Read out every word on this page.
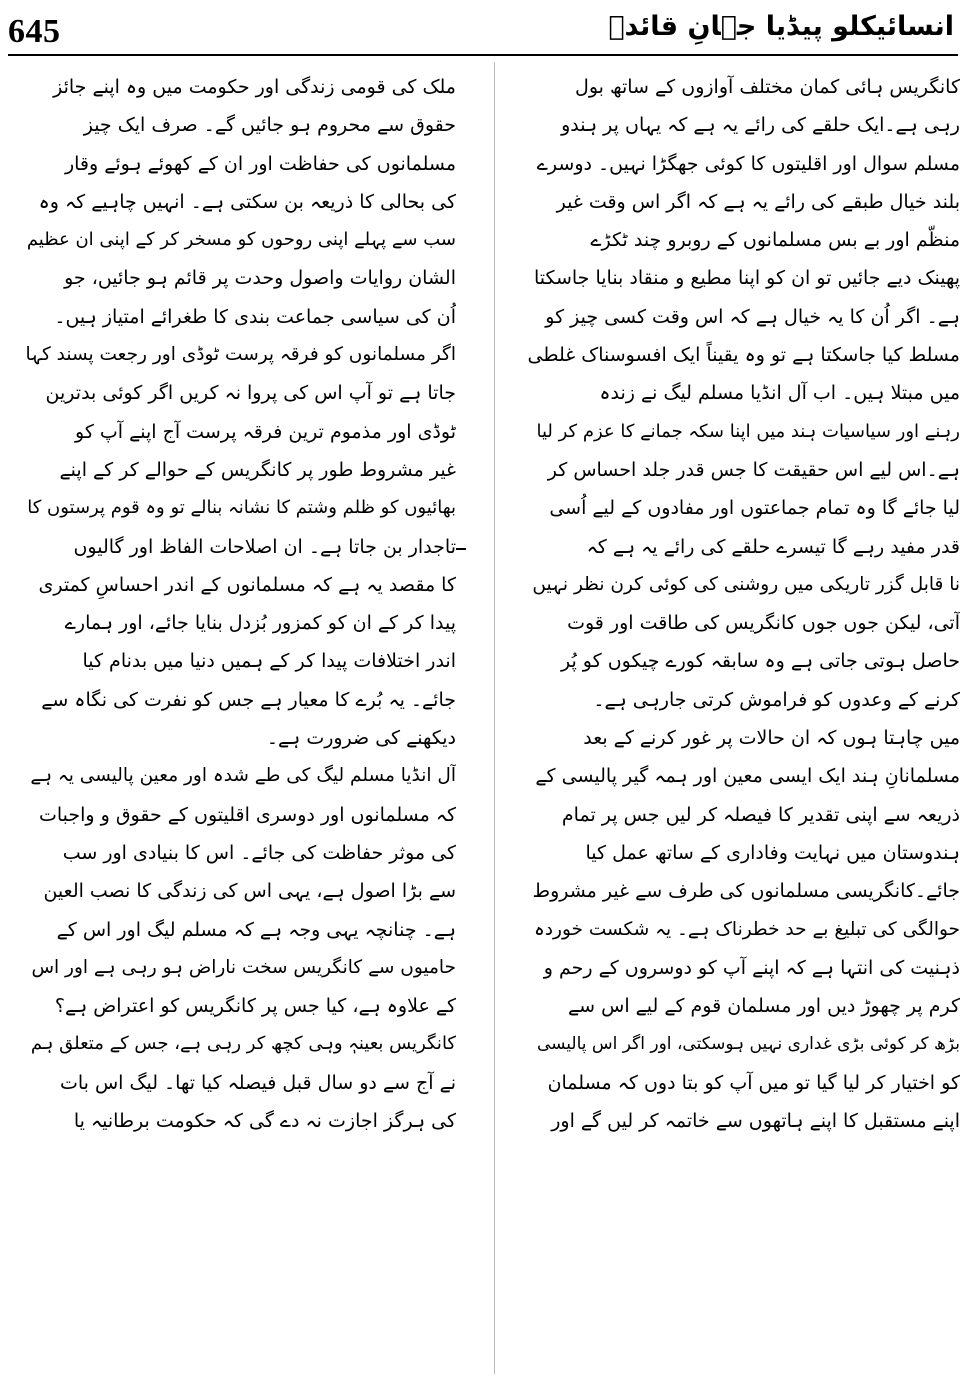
645	انسائیکلو پیڈیا جہانِ قائدؒ
کانگریس ہائی کمان مختلف آوازوں کے ساتھ بول
رہی ہے۔ایک حلقے کی رائے یہ ہے کہ یہاں پر ہندو
مسلم سوال اور اقلیتوں کا کوئی جھگڑا نہیں۔ دوسرے
بلند خیال طبقے کی رائے یہ ہے کہ اگر اس وقت غیر
منظّم اور بے بس مسلمانوں کے روبرو چند ٹکڑے
پھینک دیے جائیں تو ان کو اپنا مطیع و منقاد بنایا جاسکتا
ہے۔ اگر اُن کا یہ خیال ہے کہ اس وقت کسی چیز کو
مسلط کیا جاسکتا ہے تو وہ یقیناً ایک افسوسناک غلطی
میں مبتلا ہیں۔ اب آل انڈیا مسلم لیگ نے زندہ
رہنے اور سیاسیات ہند میں اپنا سکہ جمانے کا عزم کر لیا
ہے۔اس لیے اس حقیقت کا جس قدر جلد احساس کر
لیا جائے گا وہ تمام جماعتوں اور مفادوں کے لیے اُسی
قدر مفید رہے گا تیسرے حلقے کی رائے یہ ہے کہ
نا قابل گزر تاریکی میں روشنی کی کوئی کرن نظر نہیں
آتی، لیکن جوں جوں کانگریس کی طاقت اور قوت
حاصل ہوتی جاتی ہے وہ سابقہ کورے چیکوں کو پُر
کرنے کے وعدوں کو فراموش کرتی جارہی ہے۔
میں چاہتا ہوں کہ ان حالات پر غور کرنے کے بعد
مسلمانانِ ہند ایک ایسی معین اور ہمہ گیر پالیسی کے
ذریعہ سے اپنی تقدیر کا فیصلہ کر لیں جس پر تمام
ہندوستان میں نہایت وفاداری کے ساتھ عمل کیا
جائے۔کانگریسی مسلمانوں کی طرف سے غیر مشروط
حوالگی کی تبلیغ بے حد خطرناک ہے۔ یہ شکست خوردہ
ذہنیت کی انتہا ہے کہ اپنے آپ کو دوسروں کے رحم و
کرم پر چھوڑ دیں اور مسلمان قوم کے لیے اس سے
بڑھ کر کوئی بڑی غداری نہیں ہوسکتی، اور اگر اس پالیسی
کو اختیار کر لیا گیا تو میں آپ کو بتا دوں کہ مسلمان
اپنے مستقبل کا اپنے ہاتھوں سے خاتمہ کر لیں گے اور
ملک کی قومی زندگی اور حکومت میں وہ اپنے جائز
حقوق سے محروم ہو جائیں گے۔ صرف ایک چیز
مسلمانوں کی حفاظت اور ان کے کھوئے ہوئے وقار
کی بحالی کا ذریعہ بن سکتی ہے۔ انہیں چاہیے کہ وہ
سب سے پہلے اپنی روحوں کو مسخر کر کے اپنی ان عظیم
الشان روایات واصول وحدت پر قائم ہو جائیں، جو
اُن کی سیاسی جماعت بندی کا طغرائے امتیاز ہیں۔
اگر مسلمانوں کو فرقہ پرست ٹوڈی اور رجعت پسند کہا
جاتا ہے تو آپ اس کی پروا نہ کریں اگر کوئی بدترین
ٹوڈی اور مذموم ترین فرقہ پرست آج اپنے آپ کو
غیر مشروط طور پر کانگریس کے حوالے کر کے اپنے
بھائیوں کو ظلم وشتم کا نشانہ بنالے تو وہ قوم پرستوں کا
تاجدار بن جاتا ہے۔ ان اصلاحات الفاظ اور گالیوں
کا مقصد یہ ہے کہ مسلمانوں کے اندر احساسِ کمتری
پیدا کر کے ان کو کمزور بُزدل بنایا جائے، اور ہمارے
اندر اختلافات پیدا کر کے ہمیں دنیا میں بدنام کیا
جائے۔ یہ بُرے کا معیار ہے جس کو نفرت کی نگاہ سے
دیکھنے کی ضرورت ہے۔
آل انڈیا مسلم لیگ کی طے شدہ اور معین پالیسی یہ ہے
کہ مسلمانوں اور دوسری اقلیتوں کے حقوق و واجبات
کی موثر حفاظت کی جائے۔ اس کا بنیادی اور سب
سے بڑا اصول ہے، یہی اس کی زندگی کا نصب العین
ہے۔ چنانچہ یہی وجہ ہے کہ مسلم لیگ اور اس کے
حامیوں سے کانگریس سخت ناراض ہو رہی ہے اور اس
کے علاوہ ہے، کیا جس پر کانگریس کو اعتراض ہے؟
کانگریس بعینہٖ وہی کچھ کر رہی ہے، جس کے متعلق ہم
نے آج سے دو سال قبل فیصلہ کیا تھا۔ لیگ اس بات
کی ہرگز اجازت نہ دے گی کہ حکومت برطانیہ یا
